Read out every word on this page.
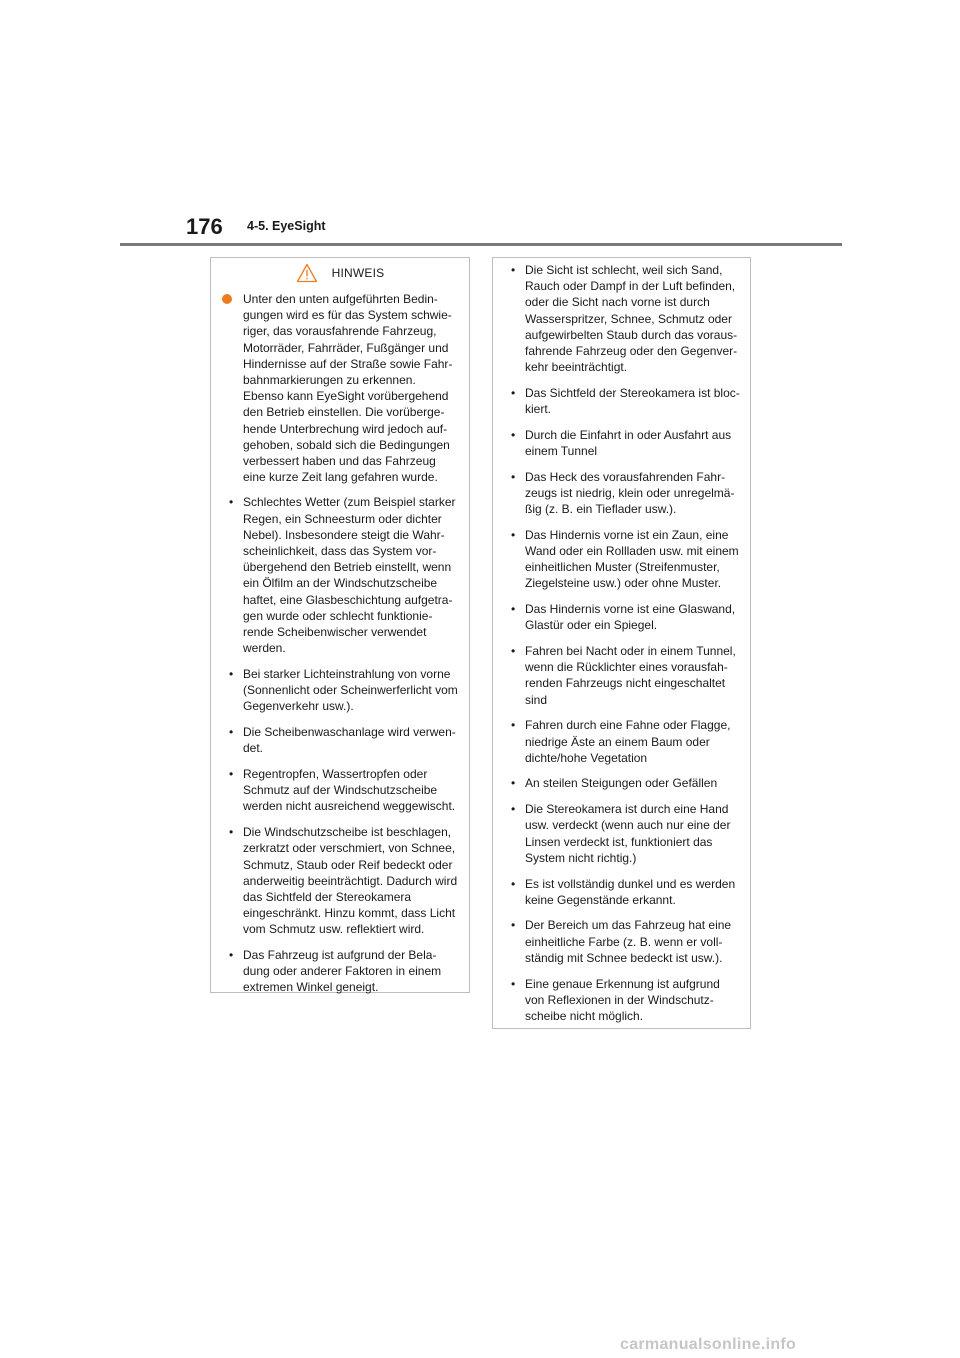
176 4-5. EyeSight
HINWEIS
Unter den unten aufgeführten Bedin-gungen wird es für das System schwie-riger, das vorausfahrende Fahrzeug, Motorräder, Fahrräder, Fußgänger und Hindernisse auf der Straße sowie Fahr-bahnmarkierungen zu erkennen. Ebenso kann EyeSight vorübergehend den Betrieb einstellen. Die vorüberge-hende Unterbrechung wird jedoch auf-gehoben, sobald sich die Bedingungen verbessert haben und das Fahrzeug eine kurze Zeit lang gefahren wurde.
• Schlechtes Wetter (zum Beispiel starker Regen, ein Schneesturm oder dichter Nebel). Insbesondere steigt die Wahr-scheinlichkeit, dass das System vor-übergehend den Betrieb einstellt, wenn ein Ölfilm an der Windschutzscheibe haftet, eine Glasbeschichtung aufgetra-gen wurde oder schlecht funktionie-rende Scheibenwischer verwendet werden.
• Bei starker Lichteinstrahlung von vorne (Sonnenlicht oder Scheinwerferlicht vom Gegenverkehr usw.).
• Die Scheibenwaschanlage wird verwen-det.
• Regentropfen, Wassertropfen oder Schmutz auf der Windschutzscheibe werden nicht ausreichend weggewischt.
• Die Windschutzscheibe ist beschlagen, zerkratzt oder verschmiert, von Schnee, Schmutz, Staub oder Reif bedeckt oder anderweitig beeinträchtigt. Dadurch wird das Sichtfeld der Stereokamera eingeschränkt. Hinzu kommt, dass Licht vom Schmutz usw. reflektiert wird.
• Das Fahrzeug ist aufgrund der Bela-dung oder anderer Faktoren in einem extremen Winkel geneigt.
• Die Sicht ist schlecht, weil sich Sand, Rauch oder Dampf in der Luft befinden, oder die Sicht nach vorne ist durch Wasserspritzer, Schnee, Schmutz oder aufgewirbelten Staub durch das voraus-fahrende Fahrzeug oder den Gegenver-kehr beeinträchtigt.
• Das Sichtfeld der Stereokamera ist bloc-kiert.
• Durch die Einfahrt in oder Ausfahrt aus einem Tunnel
• Das Heck des vorausfahrenden Fahr-zeugs ist niedrig, klein oder unregelmä-ßig (z. B. ein Tieflader usw.).
• Das Hindernis vorne ist ein Zaun, eine Wand oder ein Rollladen usw. mit einem einheitlichen Muster (Streifenmuster, Ziegelsteine usw.) oder ohne Muster.
• Das Hindernis vorne ist eine Glaswand, Glastür oder ein Spiegel.
• Fahren bei Nacht oder in einem Tunnel, wenn die Rücklichter eines vorausfah-renden Fahrzeugs nicht eingeschaltet sind
• Fahren durch eine Fahne oder Flagge, niedrige Äste an einem Baum oder dichte/hohe Vegetation
• An steilen Steigungen oder Gefällen
• Die Stereokamera ist durch eine Hand usw. verdeckt (wenn auch nur eine der Linsen verdeckt ist, funktioniert das System nicht richtig.)
• Es ist vollständig dunkel und es werden keine Gegenstände erkannt.
• Der Bereich um das Fahrzeug hat eine einheitliche Farbe (z. B. wenn er voll-ständig mit Schnee bedeckt ist usw.).
• Eine genaue Erkennung ist aufgrund von Reflexionen in der Windschutz-scheibe nicht möglich.
carmanualsonline.info
